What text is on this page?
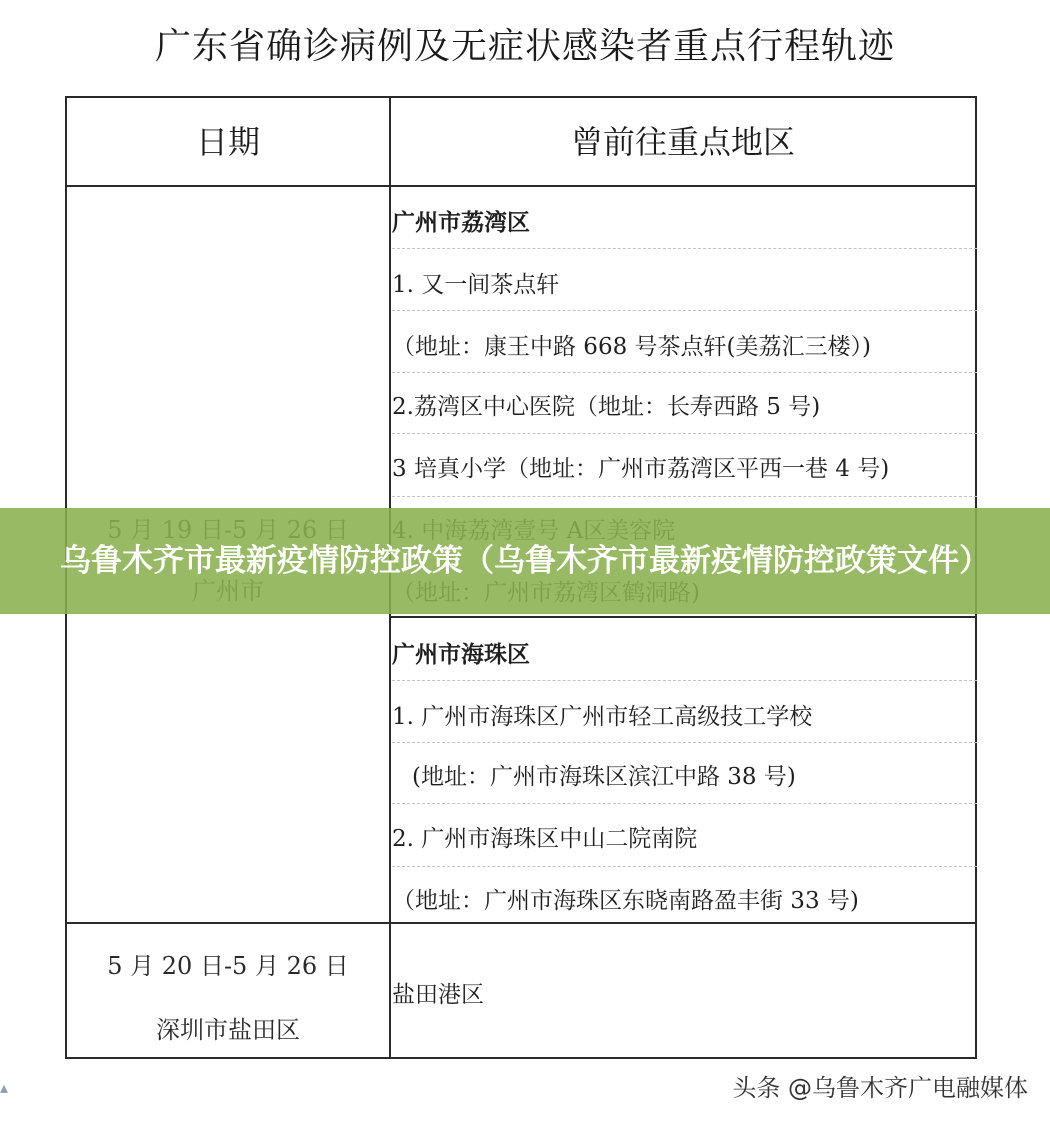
广东省确诊病例及无症状感染者重点行程轨迹
日期	曾前往重点地区
广州市荔湾区
1. 又一间茶点轩
（地址：康王中路 668 号茶点轩(美荔汇三楼）)
2.荔湾区中心医院（地址：长寿西路 5 号)
3 培真小学（地址：广州市荔湾区平西一巷 4 号)
广州市海珠区
1. 广州市海珠区广州市轻工高级技工学校
(地址：广州市海珠区滨江中路 38 号)
2. 广州市海珠区中山二院南院
（地址：广州市海珠区东晓南路盈丰街 33 号)
5 月 20 日-5 月 26 日
深圳市盐田区
盐田港区
乌鲁木齐市最新疫情防控政策（乌鲁木齐市最新疫情防控政策文件）
▴	头条 @乌鲁木齐广电融媒体
